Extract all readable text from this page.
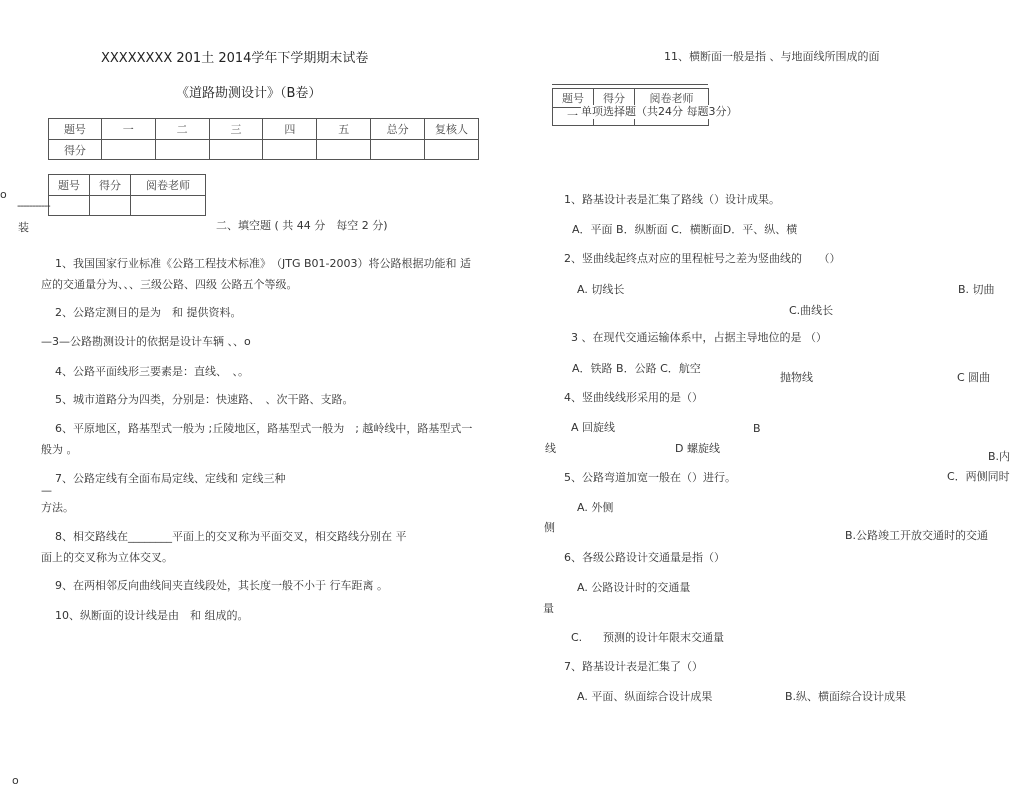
XXXXXXXX 201土 2014学年下学期期末试卷
《道路勘测设计》（B卷）
题号	一	二	三	四	五	总分	复核人
得分							
题号	得分	阅卷老师

o
-----------
装
o
二、填空题 ( 共 44 分　每空 2 分)
1、我国国家行业标准《公路工程技术标准》　（JTG B01-2003）将公路根据功能和 适
应的交通量分为、、、三级公路、四级 公路五个等级。
2、公路定测目的是为　和 提供资料。
—3—公路勘测设计的依据是设计车辆 、、o
4、公路平面线形三要素是：直线、　、。
5、城市道路分为四类，分别是：快速路、　、次干路、支路。
6、平原地区，路基型式一般为 ;丘陵地区，路基型式一般为　; 越岭线中，路基型式一
般为 。
7、公路定线有全面布局定线、定线和 定线三种
—
方法。
8、相交路线在________平面上的交叉称为平面交叉，相交路线分别在 平
面上的交叉称为立体交叉。
9、在两相邻反向曲线间夹直线段处，其长度一般不小于 行车距离 。
10、纵断面的设计线是由　和 组成的。
11、横断面一般是指 、与地面线所围成的面
题号	得分	阅卷老师

一 单项选择题（共24分 每题3分）
1、路基设计表是汇集了路线（）设计成果。
A．平面 B．纵断面 C．横断面D．平、纵、横
2、竖曲线起终点对应的里程桩号之差为竖曲线的　　（）
A. 切线长	B. 切曲
C.曲线长
3 、在现代交通运输体系中，占据主导地位的是 （）
A．铁路 B．公路 C．航空
抛物线	C 圆曲
4、竖曲线线形采用的是（）
A 回旋线	B
线	D 螺旋线
B.内
5、公路弯道加宽一般在（）进行。	C．两侧同时
A. 外侧
侧
B.公路竣工开放交通时的交通
6、各级公路设计交通量是指（）
A. 公路设计时的交通量
量
C. 预测的设计年限末交通量
7、路基设计表是汇集了（）
A. 平面、纵面综合设计成果	B.纵、横面综合设计成果
